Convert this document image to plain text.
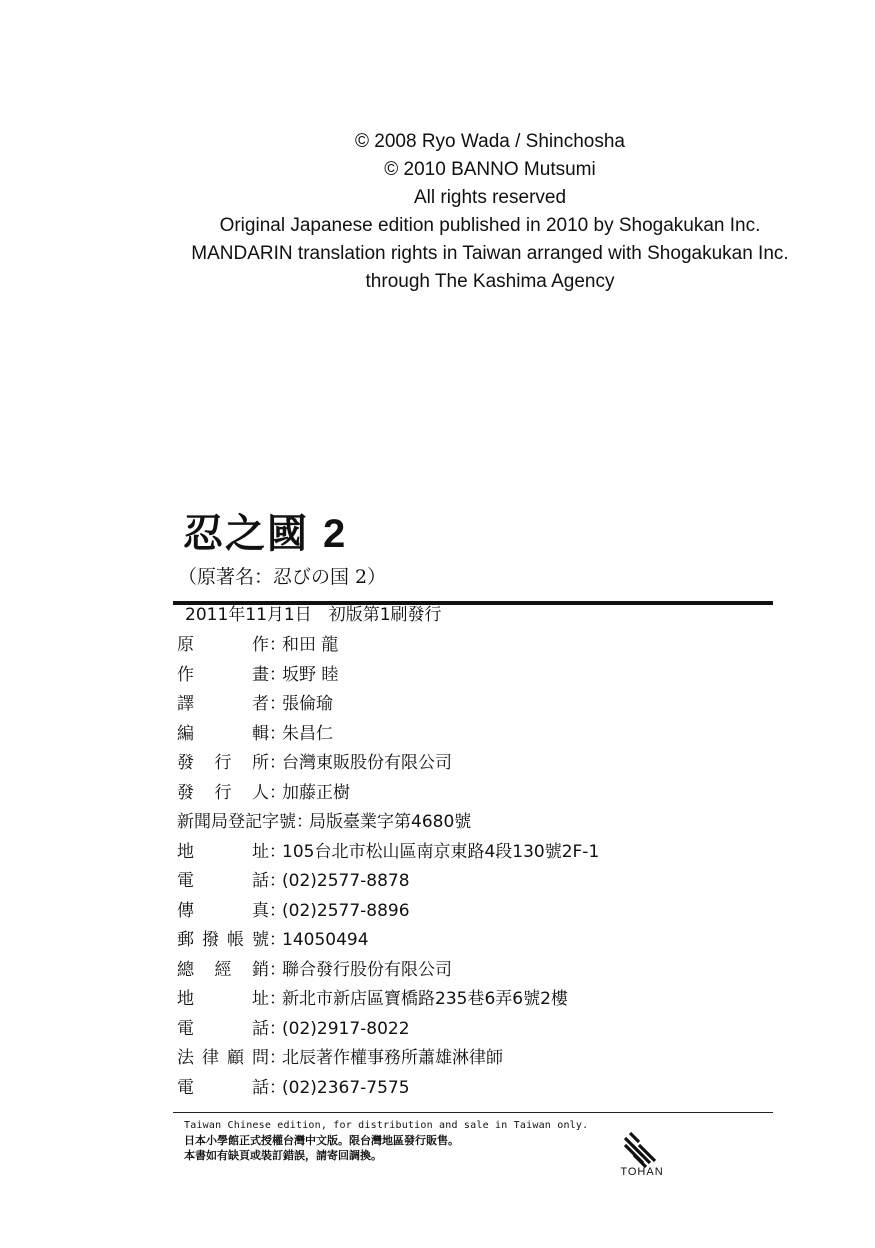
© 2008 Ryo Wada / Shinchosha
© 2010 BANNO Mutsumi
All rights reserved
Original Japanese edition published in 2010 by Shogakukan Inc.
MANDARIN translation rights in Taiwan arranged with Shogakukan Inc.
through The Kashima Agency
忍之國 2
（原著名：忍びの国 2）
2011年11月1日　初版第1刷發行
原作：和田 龍
作畫：坂野 睦
譯者：張倫瑜
編輯：朱昌仁
發行所：台灣東販股份有限公司
發行人：加藤正樹
新聞局登記字號：局版臺業字第4680號
地址：105台北市松山區南京東路4段130號2F-1
電話：(02)2577-8878
傳真：(02)2577-8896
郵撥帳號：14050494
總經銷：聯合發行股份有限公司
地址：新北市新店區寶橋路235巷6弄6號2樓
電話：(02)2917-8022
法律顧問：北辰著作權事務所蕭雄淋律師
電話：(02)2367-7575
Taiwan Chinese edition, for distribution and sale in Taiwan only.
日本小學館正式授權台灣中文版。限台灣地區發行販售。
本書如有缺頁或裝訂錯誤，請寄回調換。
TOHAN
